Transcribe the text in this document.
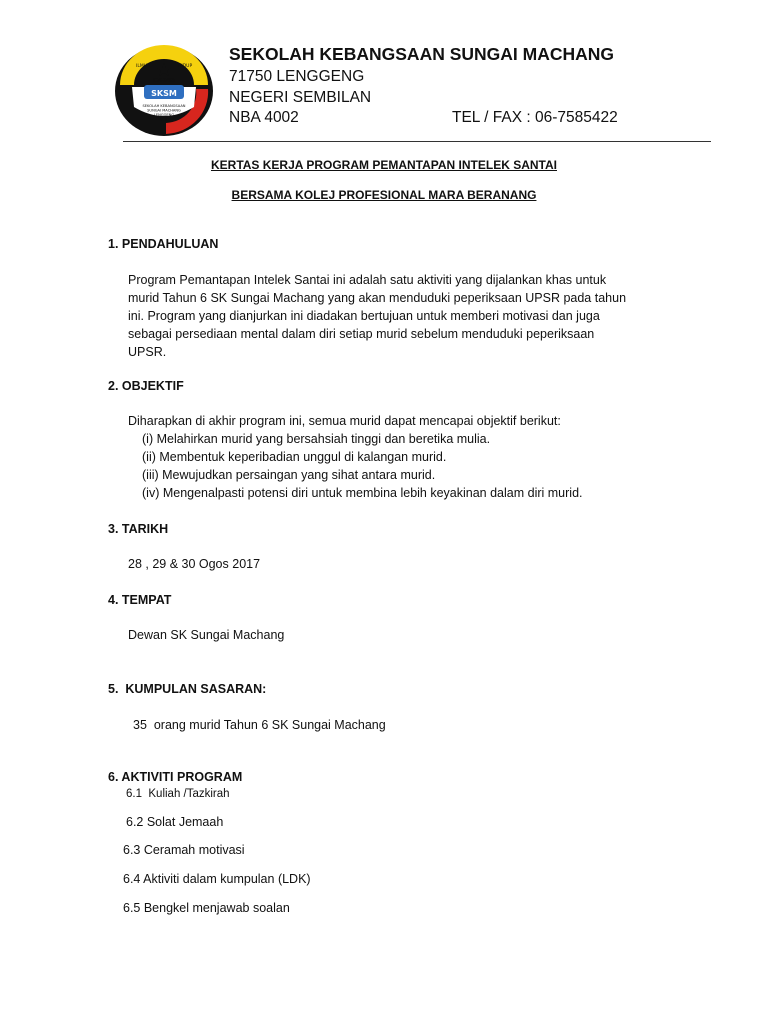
SKSM
ILMU	HIDUP
CAHAYA
SEKOLAH KEBANGSAAN
SUNGAI MACHANG
LENGGENG
N. S.
SEKOLAH KEBANGSAAN SUNGAI MACHANG
71750 LENGGENG
NEGERI SEMBILAN
NBA 4002	TEL / FAX : 06-7585422
KERTAS KERJA PROGRAM PEMANTAPAN INTELEK SANTAI
BERSAMA KOLEJ PROFESIONAL MARA BERANANG
1. PENDAHULUAN
Program Pemantapan Intelek Santai ini adalah satu aktiviti yang dijalankan khas untuk
murid Tahun 6 SK Sungai Machang yang akan menduduki peperiksaan UPSR pada tahun
ini. Program yang dianjurkan ini diadakan bertujuan untuk memberi motivasi dan juga
sebagai persediaan mental dalam diri setiap murid sebelum menduduki peperiksaan
UPSR.
2. OBJEKTIF
Diharapkan di akhir program ini, semua murid dapat mencapai objektif berikut:
(i) Melahirkan murid yang bersahsiah tinggi dan beretika mulia.
(ii) Membentuk keperibadian unggul di kalangan murid.
(iii) Mewujudkan persaingan yang sihat antara murid.
(iv) Mengenalpasti potensi diri untuk membina lebih keyakinan dalam diri murid.
3. TARIKH
28 , 29 & 30 Ogos 2017
4. TEMPAT
Dewan SK Sungai Machang
5.  KUMPULAN SASARAN:
35  orang murid Tahun 6 SK Sungai Machang
6. AKTIVITI PROGRAM
6.1  Kuliah /Tazkirah
6.2 Solat Jemaah
6.3 Ceramah motivasi
6.4 Aktiviti dalam kumpulan (LDK)
6.5 Bengkel menjawab soalan
